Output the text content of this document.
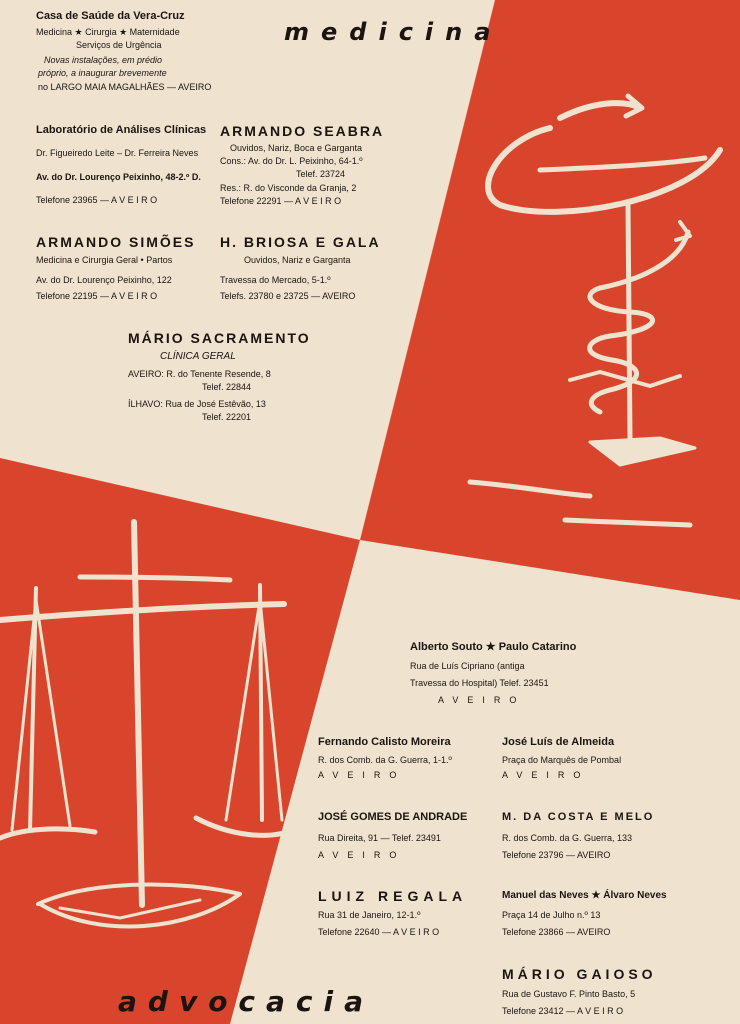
medicina
advocacia
Casa de Saúde da Vera-Cruz
Medicina ★ Cirurgia ★ Maternidade
Serviços de Urgência
Novas instalações, em prédio
próprio, a inaugurar brevemente
no LARGO MAIA MAGALHÃES — AVEIRO
Laboratório de Análises Clínicas
Dr. Figueiredo Leite – Dr. Ferreira Neves
Av. do Dr. Lourenço Peixinho, 48-2.º D.
Telefone 23965 — A V E I R O
ARMANDO SEABRA
Ouvidos, Nariz, Boca e Garganta
Cons.: Av. do Dr. L. Peixinho, 64-1.º
Telef. 23724
Res.: R. do Visconde da Granja, 2
Telefone 22291 — A V E I R O
ARMANDO SIMÕES
Medicina e Cirurgia Geral • Partos
Av. do Dr. Lourenço Peixinho, 122
Telefone 22195 — A V E I R O
H. BRIOSA E GALA
Ouvidos, Nariz e Garganta
Travessa do Mercado, 5-1.º
Telefs. 23780 e 23725 — AVEIRO
MÁRIO SACRAMENTO
CLÍNICA GERAL
AVEIRO: R. do Tenente Resende, 8
Telef. 22844
ÍLHAVO: Rua de José Estêvão, 13
Telef. 22201
Alberto Souto ★ Paulo Catarino
Rua de Luís Cipriano (antiga
Travessa do Hospital) Telef. 23451
AVEIRO
Fernando Calisto Moreira
R. dos Comb. da G. Guerra, 1-1.º
AVEIRO
José Luís de Almeida
Praça do Marquês de Pombal
AVEIRO
JOSÉ GOMES DE ANDRADE
Rua Direita, 91 — Telef. 23491
AVEIRO
M. DA COSTA E MELO
R. dos Comb. da G. Guerra, 133
Telefone 23796 — AVEIRO
LUIZ REGALA
Rua 31 de Janeiro, 12-1.º
Telefone 22640 — A V E I R O
Manuel das Neves ★ Álvaro Neves
Praça 14 de Julho n.º 13
Telefone 23866 — AVEIRO
MÁRIO GAIOSO
Rua de Gustavo F. Pinto Basto, 5
Telefone 23412 — A V E I R O
